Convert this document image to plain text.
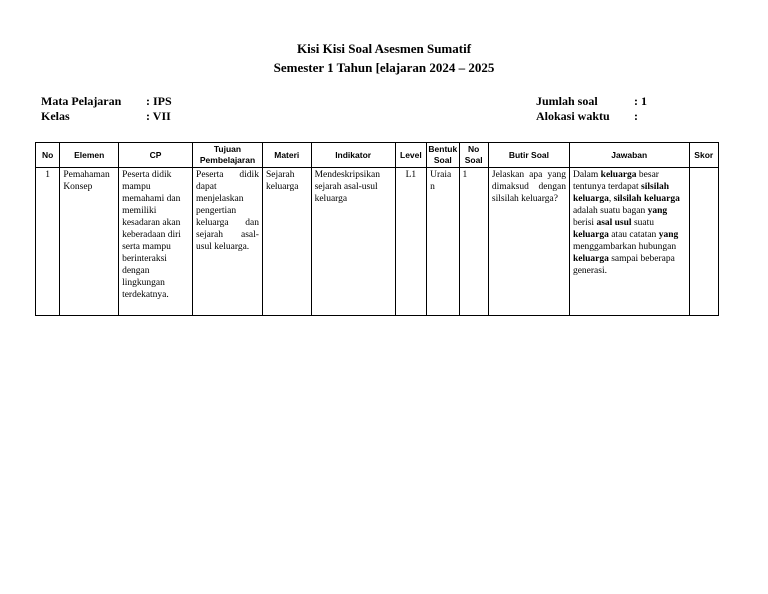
Kisi Kisi Soal Asesmen Sumatif
Semester 1 Tahun [elajaran 2024 – 2025
Mata Pelajaran	: IPS
Kelas	: VII
Jumlah soal	: 1
Alokasi waktu	:
No	Elemen	CP	Tujuan Pembelajaran	Materi	Indikator	Level	Bentuk Soal	No Soal	Butir Soal	Jawaban	Skor
1	Pemahaman Konsep	Peserta didik mampu memahami dan memiliki kesadaran akan keberadaan diri serta mampu berinteraksi dengan lingkungan terdekatnya.	Peserta didik dapat menjelaskan pengertian keluarga dan sejarah asal-usul keluarga.	Sejarah keluarga	Mendeskripsikan sejarah asal-usul keluarga	L1	Uraian	1	Jelaskan apa yang dimaksud dengan silsilah keluarga?	Dalam keluarga besar tentunya terdapat silsilah keluarga, silsilah keluarga adalah suatu bagan yang berisi asal usul suatu keluarga atau catatan yang menggambarkan hubungan keluarga sampai beberapa generasi.	
